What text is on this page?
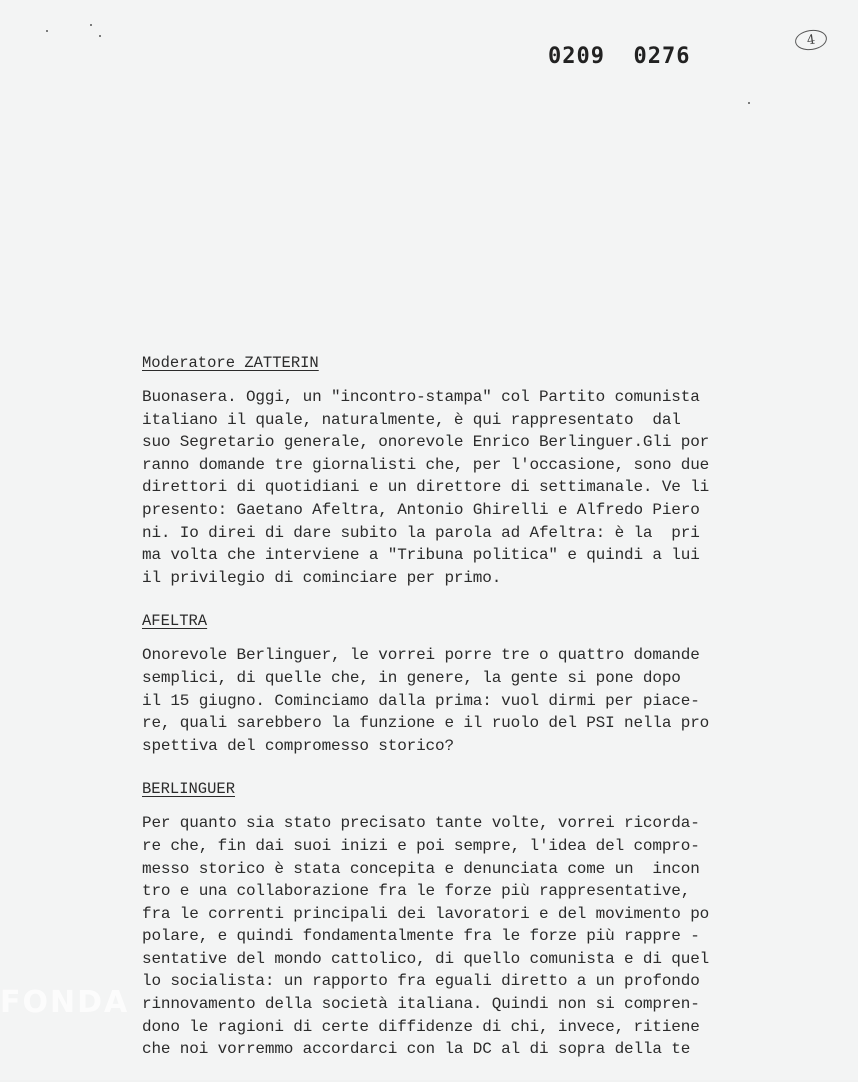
0209  0276
4

Moderatore ZATTERIN

Buonasera. Oggi, un "incontro-stampa" col Partito comunista

italiano il quale, naturalmente, è qui rappresentato  dal

suo Segretario generale, onorevole Enrico Berlinguer.Gli por

ranno domande tre giornalisti che, per l'occasione, sono due

direttori di quotidiani e un direttore di settimanale. Ve li

presento: Gaetano Afeltra, Antonio Ghirelli e Alfredo Piero

ni. Io direi di dare subito la parola ad Afeltra: è la  pri

ma volta che interviene a "Tribuna politica" e quindi a lui

il privilegio di cominciare per primo.

AFELTRA

Onorevole Berlinguer, le vorrei porre tre o quattro domande

semplici, di quelle che, in genere, la gente si pone dopo

il 15 giugno. Cominciamo dalla prima: vuol dirmi per piace-

re, quali sarebbero la funzione e il ruolo del PSI nella pro

spettiva del compromesso storico?

BERLINGUER

Per quanto sia stato precisato tante volte, vorrei ricorda-

re che, fin dai suoi inizi e poi sempre, l'idea del compro-

messo storico è stata concepita e denunciata come un  incon

tro e una collaborazione fra le forze più rappresentative,

fra le correnti principali dei lavoratori e del movimento po

polare, e quindi fondamentalmente fra le forze più rappre -

sentative del mondo cattolico, di quello comunista e di quel

lo socialista: un rapporto fra eguali diretto a un profondo

rinnovamento della società italiana. Quindi non si compren-

dono le ragioni di certe diffidenze di chi, invece, ritiene

che noi vorremmo accordarci con la DC al di sopra della te

FONDA
